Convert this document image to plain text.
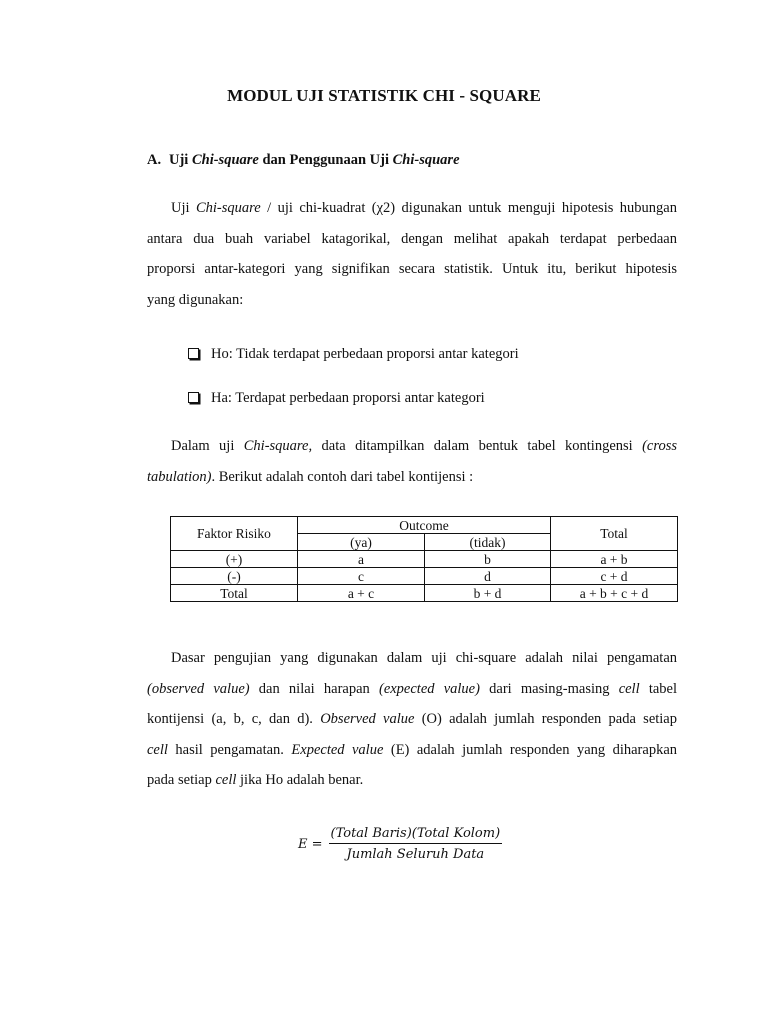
MODUL UJI STATISTIK CHI - SQUARE
A. Uji Chi-square dan Penggunaan Uji Chi-square
Uji Chi-square / uji chi-kuadrat (χ2) digunakan untuk menguji hipotesis hubungan
antara dua buah variabel katagorikal, dengan melihat apakah terdapat perbedaan
proporsi antar-kategori yang signifikan secara statistik. Untuk itu, berikut hipotesis
yang digunakan:
Ho: Tidak terdapat perbedaan proporsi antar kategori
Ha: Terdapat perbedaan proporsi antar kategori
Dalam uji Chi-square, data ditampilkan dalam bentuk tabel kontingensi (cross
tabulation). Berikut adalah contoh dari tabel kontijensi :
Faktor Risiko	Outcome		Total
	(ya)	(tidak)	
(+)	a	b	a + b
(-)	c	d	c + d
Total	a + c	b + d	a + b + c + d
Dasar pengujian yang digunakan dalam uji chi-square adalah nilai pengamatan
(observed value) dan nilai harapan (expected value) dari masing-masing cell tabel
kontijensi (a, b, c, dan d). Observed value (O) adalah jumlah responden pada setiap
cell hasil pengamatan. Expected value (E) adalah jumlah responden yang diharapkan
pada setiap cell jika Ho adalah benar.
$E = \frac{\text{(Total Baris)(Total Kolom)}}{\text{Jumlah Seluruh Data}}$
